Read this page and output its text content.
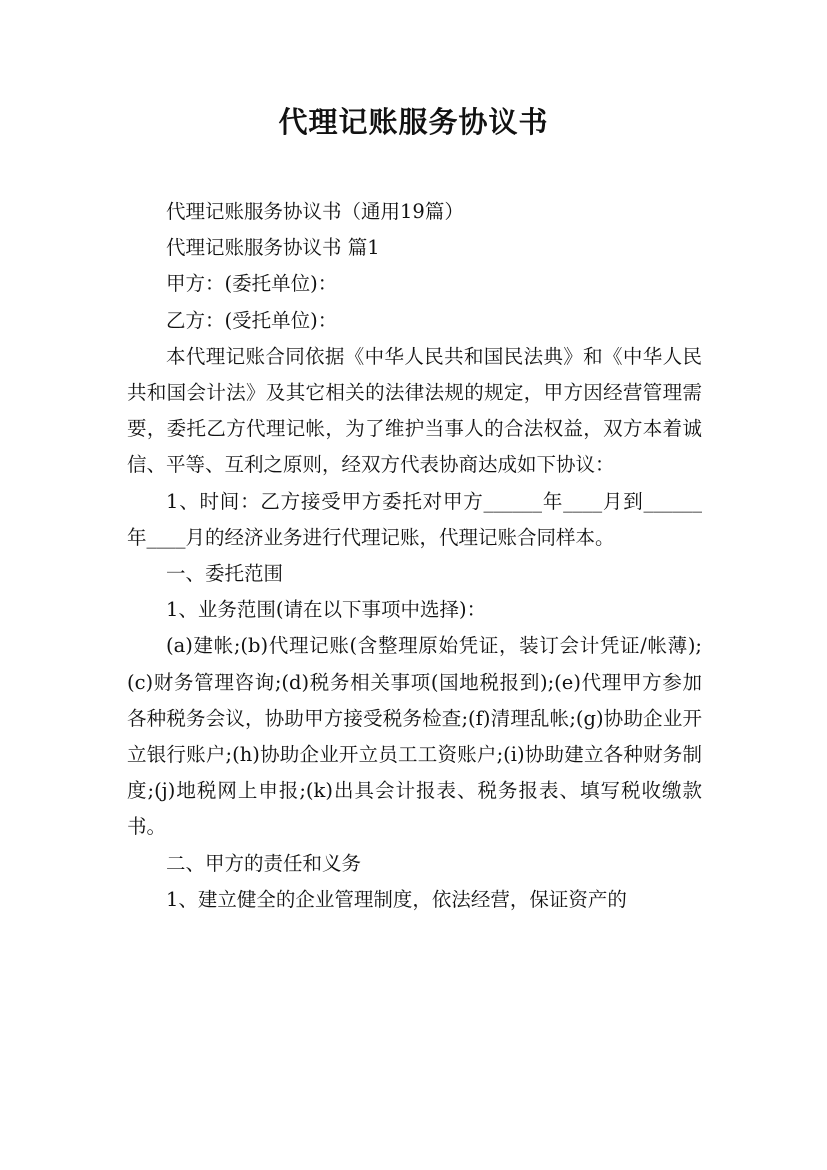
代理记账服务协议书

代理记账服务协议书（通用19篇）

代理记账服务协议书 篇1

甲方：(委托单位)：

乙方：(受托单位)：

本代理记账合同依据《中华人民共和国民法典》和《中华人民共和国会计法》及其它相关的法律法规的规定，甲方因经营管理需要，委托乙方代理记帐，为了维护当事人的合法权益，双方本着诚信、平等、互利之原则，经双方代表协商达成如下协议：

1、时间：乙方接受甲方委托对甲方______年____月到______年____月的经济业务进行代理记账，代理记账合同样本。

一、委托范围

1、业务范围(请在以下事项中选择)：

(a)建帐;(b)代理记账(含整理原始凭证，装订会计凭证/帐薄);(c)财务管理咨询;(d)税务相关事项(国地税报到);(e)代理甲方参加各种税务会议，协助甲方接受税务检查;(f)清理乱帐;(g)协助企业开立银行账户;(h)协助企业开立员工工资账户;(i)协助建立各种财务制度;(j)地税网上申报;(k)出具会计报表、税务报表、填写税收缴款书。

二、甲方的责任和义务

1、建立健全的企业管理制度，依法经营，保证资产的
